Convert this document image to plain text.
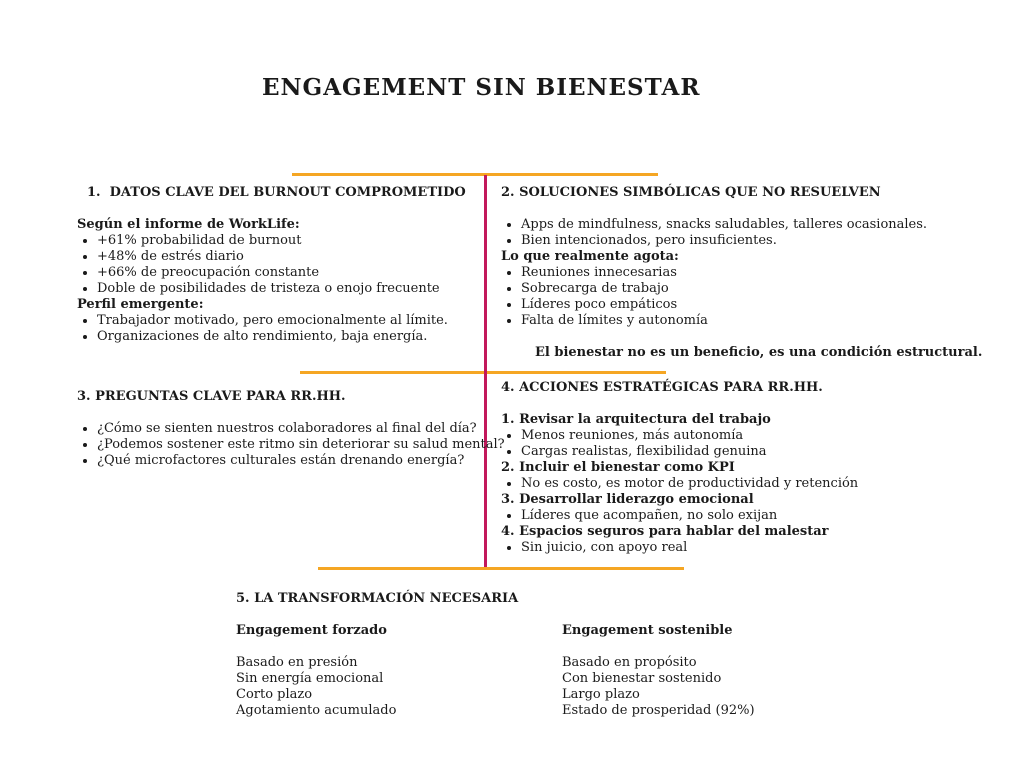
ENGAGEMENT SIN BIENESTAR
1. DATOS CLAVE DEL BURNOUT COMPROMETIDO
Según el informe de WorkLife:
• +61% probabilidad de burnout
• +48% de estrés diario
• +66% de preocupación constante
• Doble de posibilidades de tristeza o enojo frecuente
Perfil emergente:
• Trabajador motivado, pero emocionalmente al límite.
• Organizaciones de alto rendimiento, baja energía.
2. SOLUCIONES SIMBÓLICAS QUE NO RESUELVEN
• Apps de mindfulness, snacks saludables, talleres ocasionales.
• Bien intencionados, pero insuficientes.
Lo que realmente agota:
• Reuniones innecesarias
• Sobrecarga de trabajo
• Líderes poco empáticos
• Falta de límites y autonomía
El bienestar no es un beneficio, es una condición estructural.
3. PREGUNTAS CLAVE PARA RR.HH.
• ¿Cómo se sienten nuestros colaboradores al final del día?
• ¿Podemos sostener este ritmo sin deteriorar su salud mental?
• ¿Qué microfactores culturales están drenando energía?
4. ACCIONES ESTRATÉGICAS PARA RR.HH.
1. Revisar la arquitectura del trabajo
• Menos reuniones, más autonomía
• Cargas realistas, flexibilidad genuina
2. Incluir el bienestar como KPI
• No es costo, es motor de productividad y retención
3. Desarrollar liderazgo emocional
• Líderes que acompañen, no solo exijan
4. Espacios seguros para hablar del malestar
• Sin juicio, con apoyo real
5. LA TRANSFORMACIÓN NECESARIA
Engagement forzado
Basado en presión
Sin energía emocional
Corto plazo
Agotamiento acumulado
Engagement sostenible
Basado en propósito
Con bienestar sostenido
Largo plazo
Estado de prosperidad (92%)
